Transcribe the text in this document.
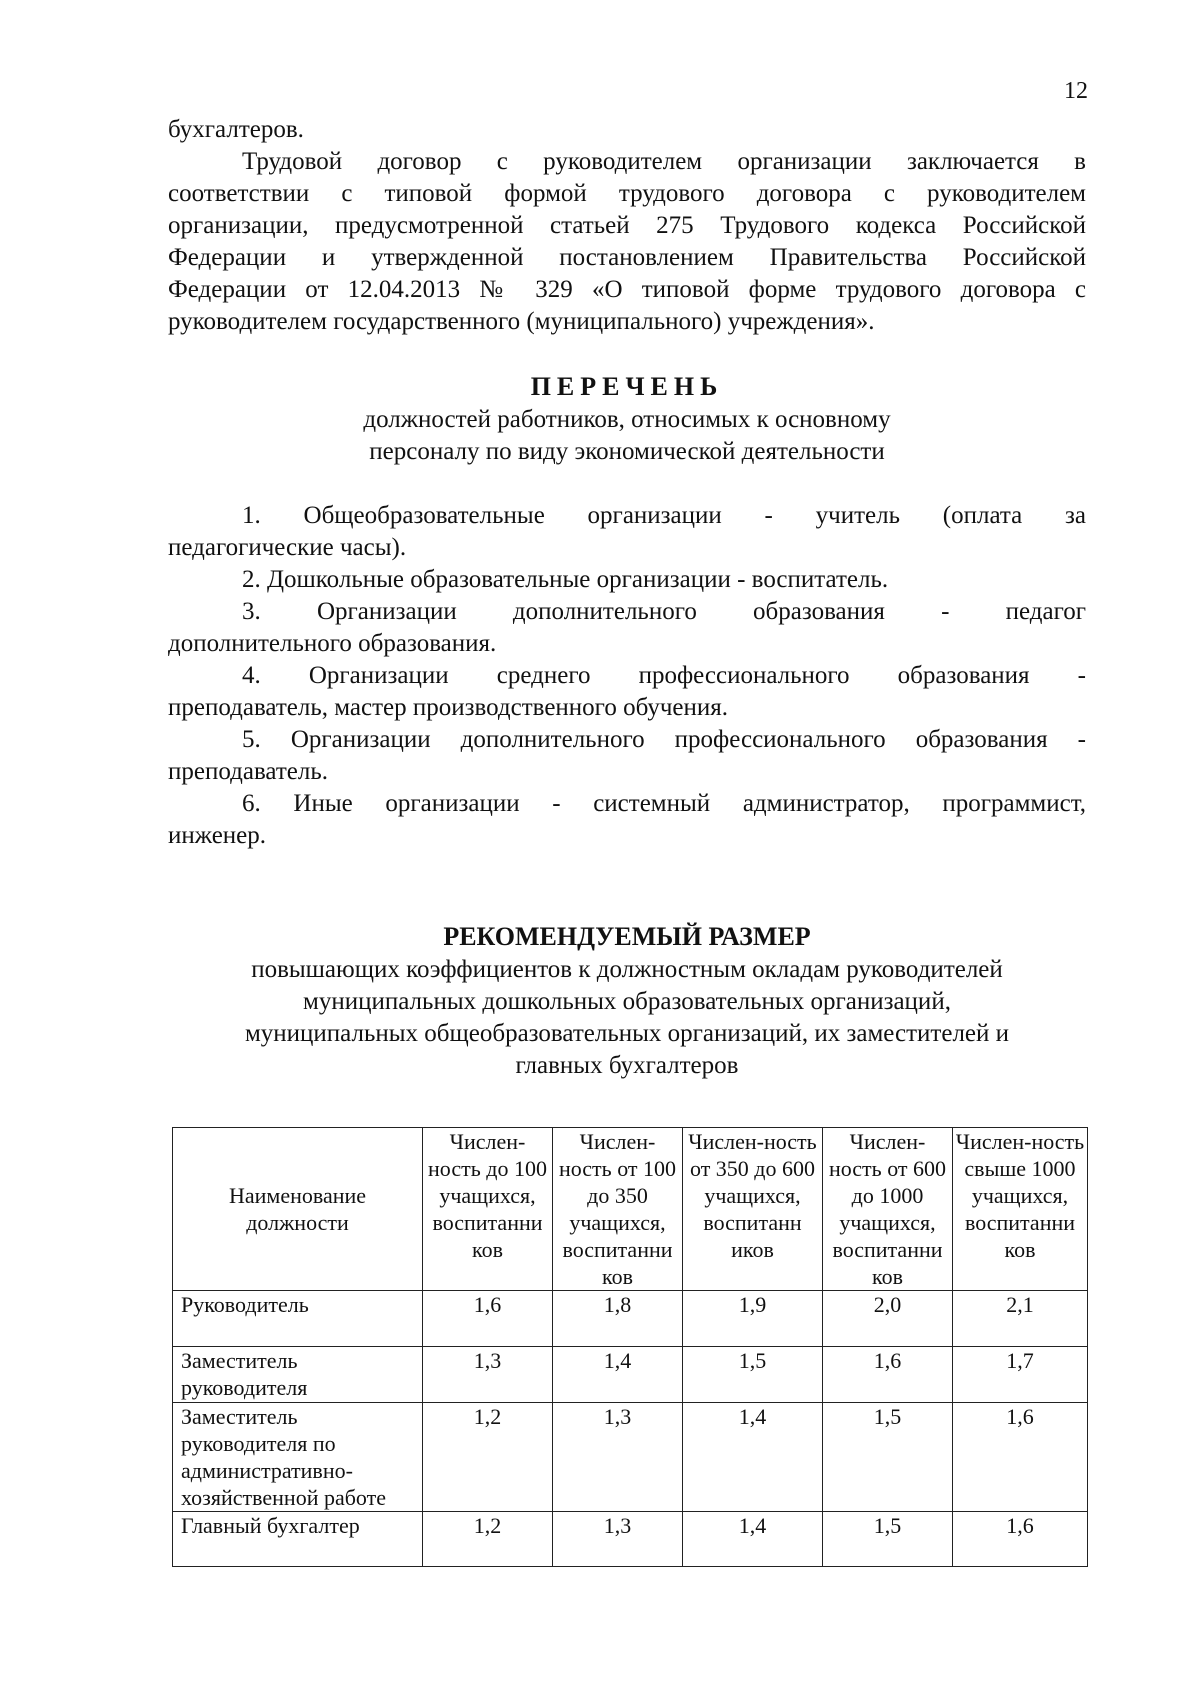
12

бухгалтеров.

Трудовой договор с руководителем организации заключается в
соответствии с типовой формой трудового договора с руководителем
организации, предусмотренной статьей 275 Трудового кодекса Российской
Федерации и утвержденной постановлением Правительства Российской
Федерации от 12.04.2013 № 329 «О типовой форме трудового договора с
руководителем государственного (муниципального) учреждения».
ПЕРЕЧЕНЬ
должностей работников, относимых к основному
персоналу по виду экономической деятельности
1. Общеобразовательные организации - учитель (оплата за
педагогические часы).
2. Дошкольные образовательные организации - воспитатель.
3. Организации дополнительного образования - педагог
дополнительного образования.
4. Организации среднего профессионального образования -
преподаватель, мастер производственного обучения.
5. Организации дополнительного профессионального образования -
преподаватель.
6. Иные организации - системный администратор, программист,
инженер.
РЕКОМЕНДУЕМЫЙ РАЗМЕР
повышающих коэффициентов к должностным окладам руководителей
муниципальных дошкольных образовательных организаций,
муниципальных общеобразовательных организаций, их заместителей и
главных бухгалтеров
Наименование должности	Числен-ность до 100 учащихся, воспитанни ков	Числен-ность от 100 до 350 учащихся, воспитанни ков	Числен-ность от 350 до 600 учащихся, воспитанн иков	Числен-ность от 600 до 1000 учащихся, воспитанни ков	Числен-ность свыше 1000 учащихся, воспитанни ков
Руководитель	1,6	1,8	1,9	2,0	2,1
Заместитель руководителя	1,3	1,4	1,5	1,6	1,7
Заместитель руководителя по административно-хозяйственной работе	1,2	1,3	1,4	1,5	1,6
Главный бухгалтер	1,2	1,3	1,4	1,5	1,6
